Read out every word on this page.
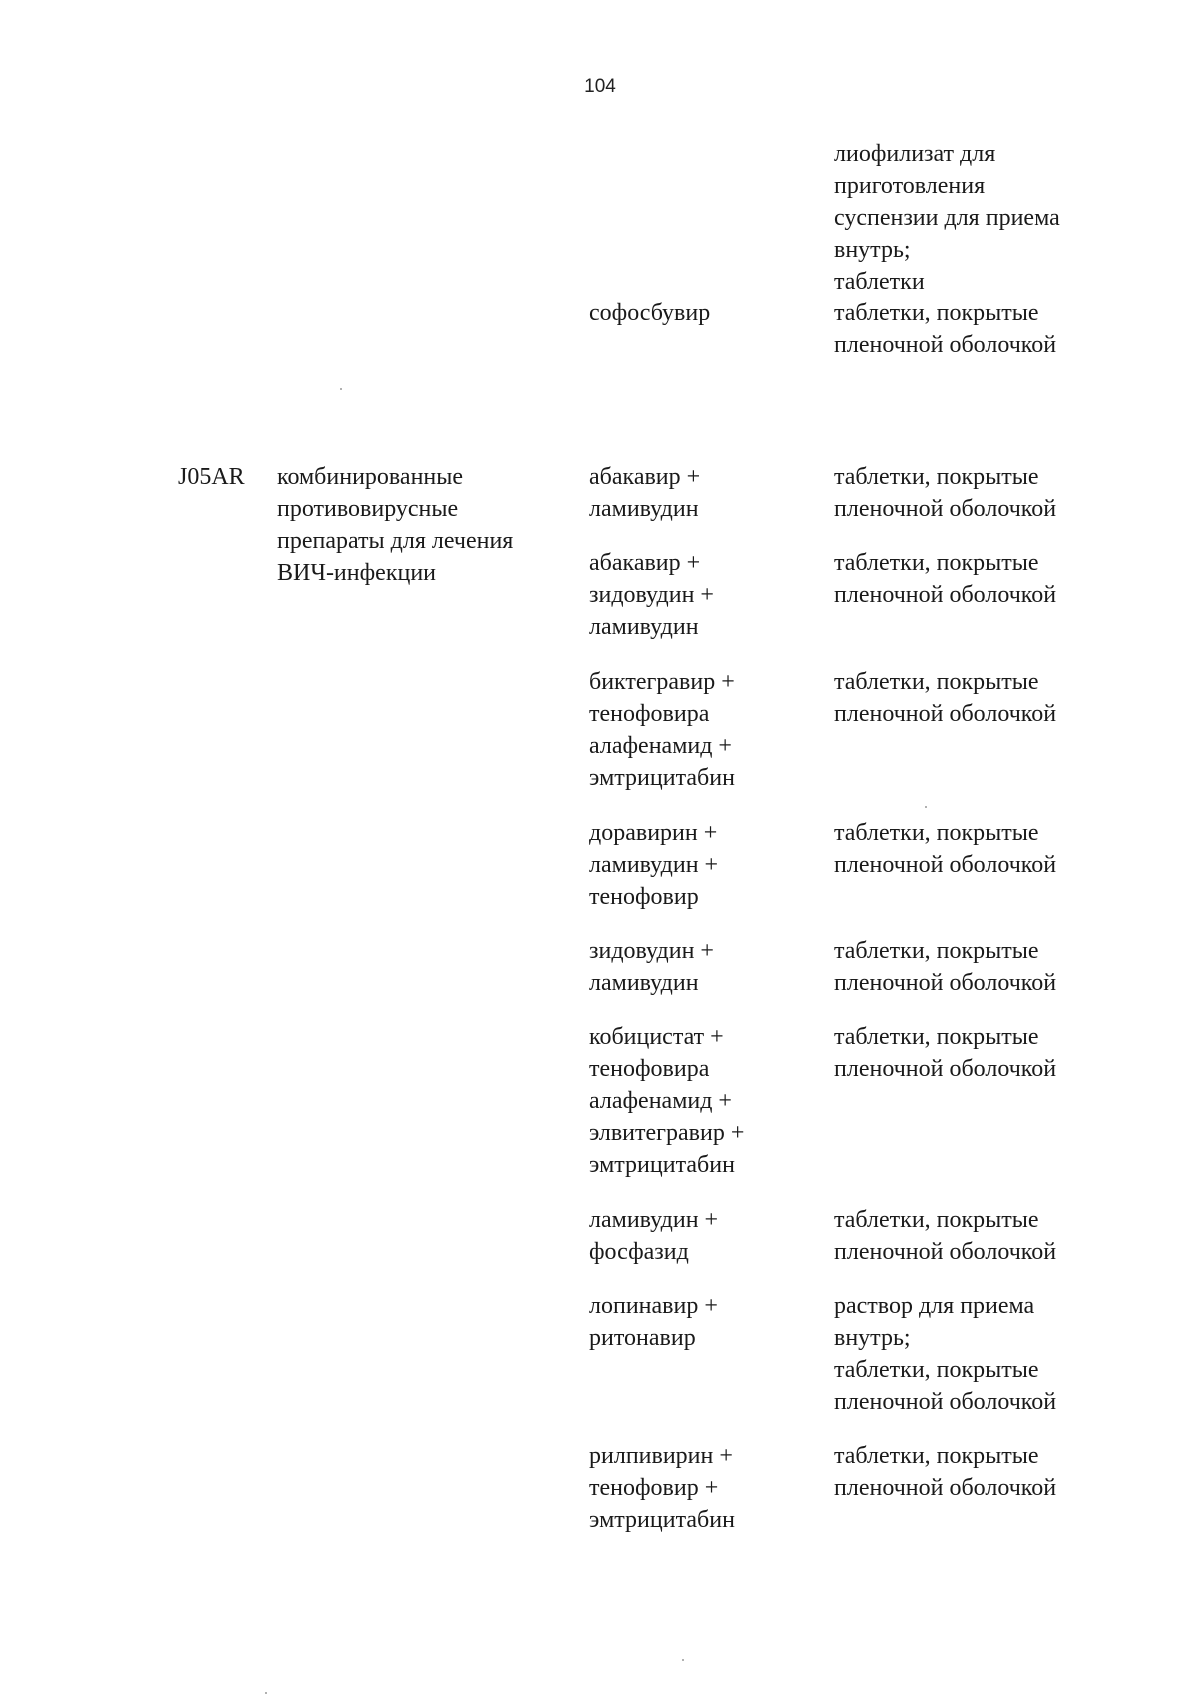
104
лиофилизат для
приготовления
суспензии для приема
внутрь;
таблетки
софосбувир	таблетки, покрытые
пленочной оболочкой
J05AR комбинированные
противовирусные
препараты для лечения
ВИЧ-инфекции
абакавир +
ламивудин
таблетки, покрытые
пленочной оболочкой
абакавир +
зидовудин +
ламивудин
таблетки, покрытые
пленочной оболочкой
биктегравир +
тенофовира
алафенамид +
эмтрицитабин
таблетки, покрытые
пленочной оболочкой
доравирин +
ламивудин +
тенофовир
таблетки, покрытые
пленочной оболочкой
зидовудин +
ламивудин
таблетки, покрытые
пленочной оболочкой
кобицистат +
тенофовира
алафенамид +
элвитегравир +
эмтрицитабин
таблетки, покрытые
пленочной оболочкой
ламивудин +
фосфазид
таблетки, покрытые
пленочной оболочкой
лопинавир +
ритонавир
раствор для приема
внутрь;
таблетки, покрытые
пленочной оболочкой
рилпивирин +
тенофовир +
эмтрицитабин
таблетки, покрытые
пленочной оболочкой
